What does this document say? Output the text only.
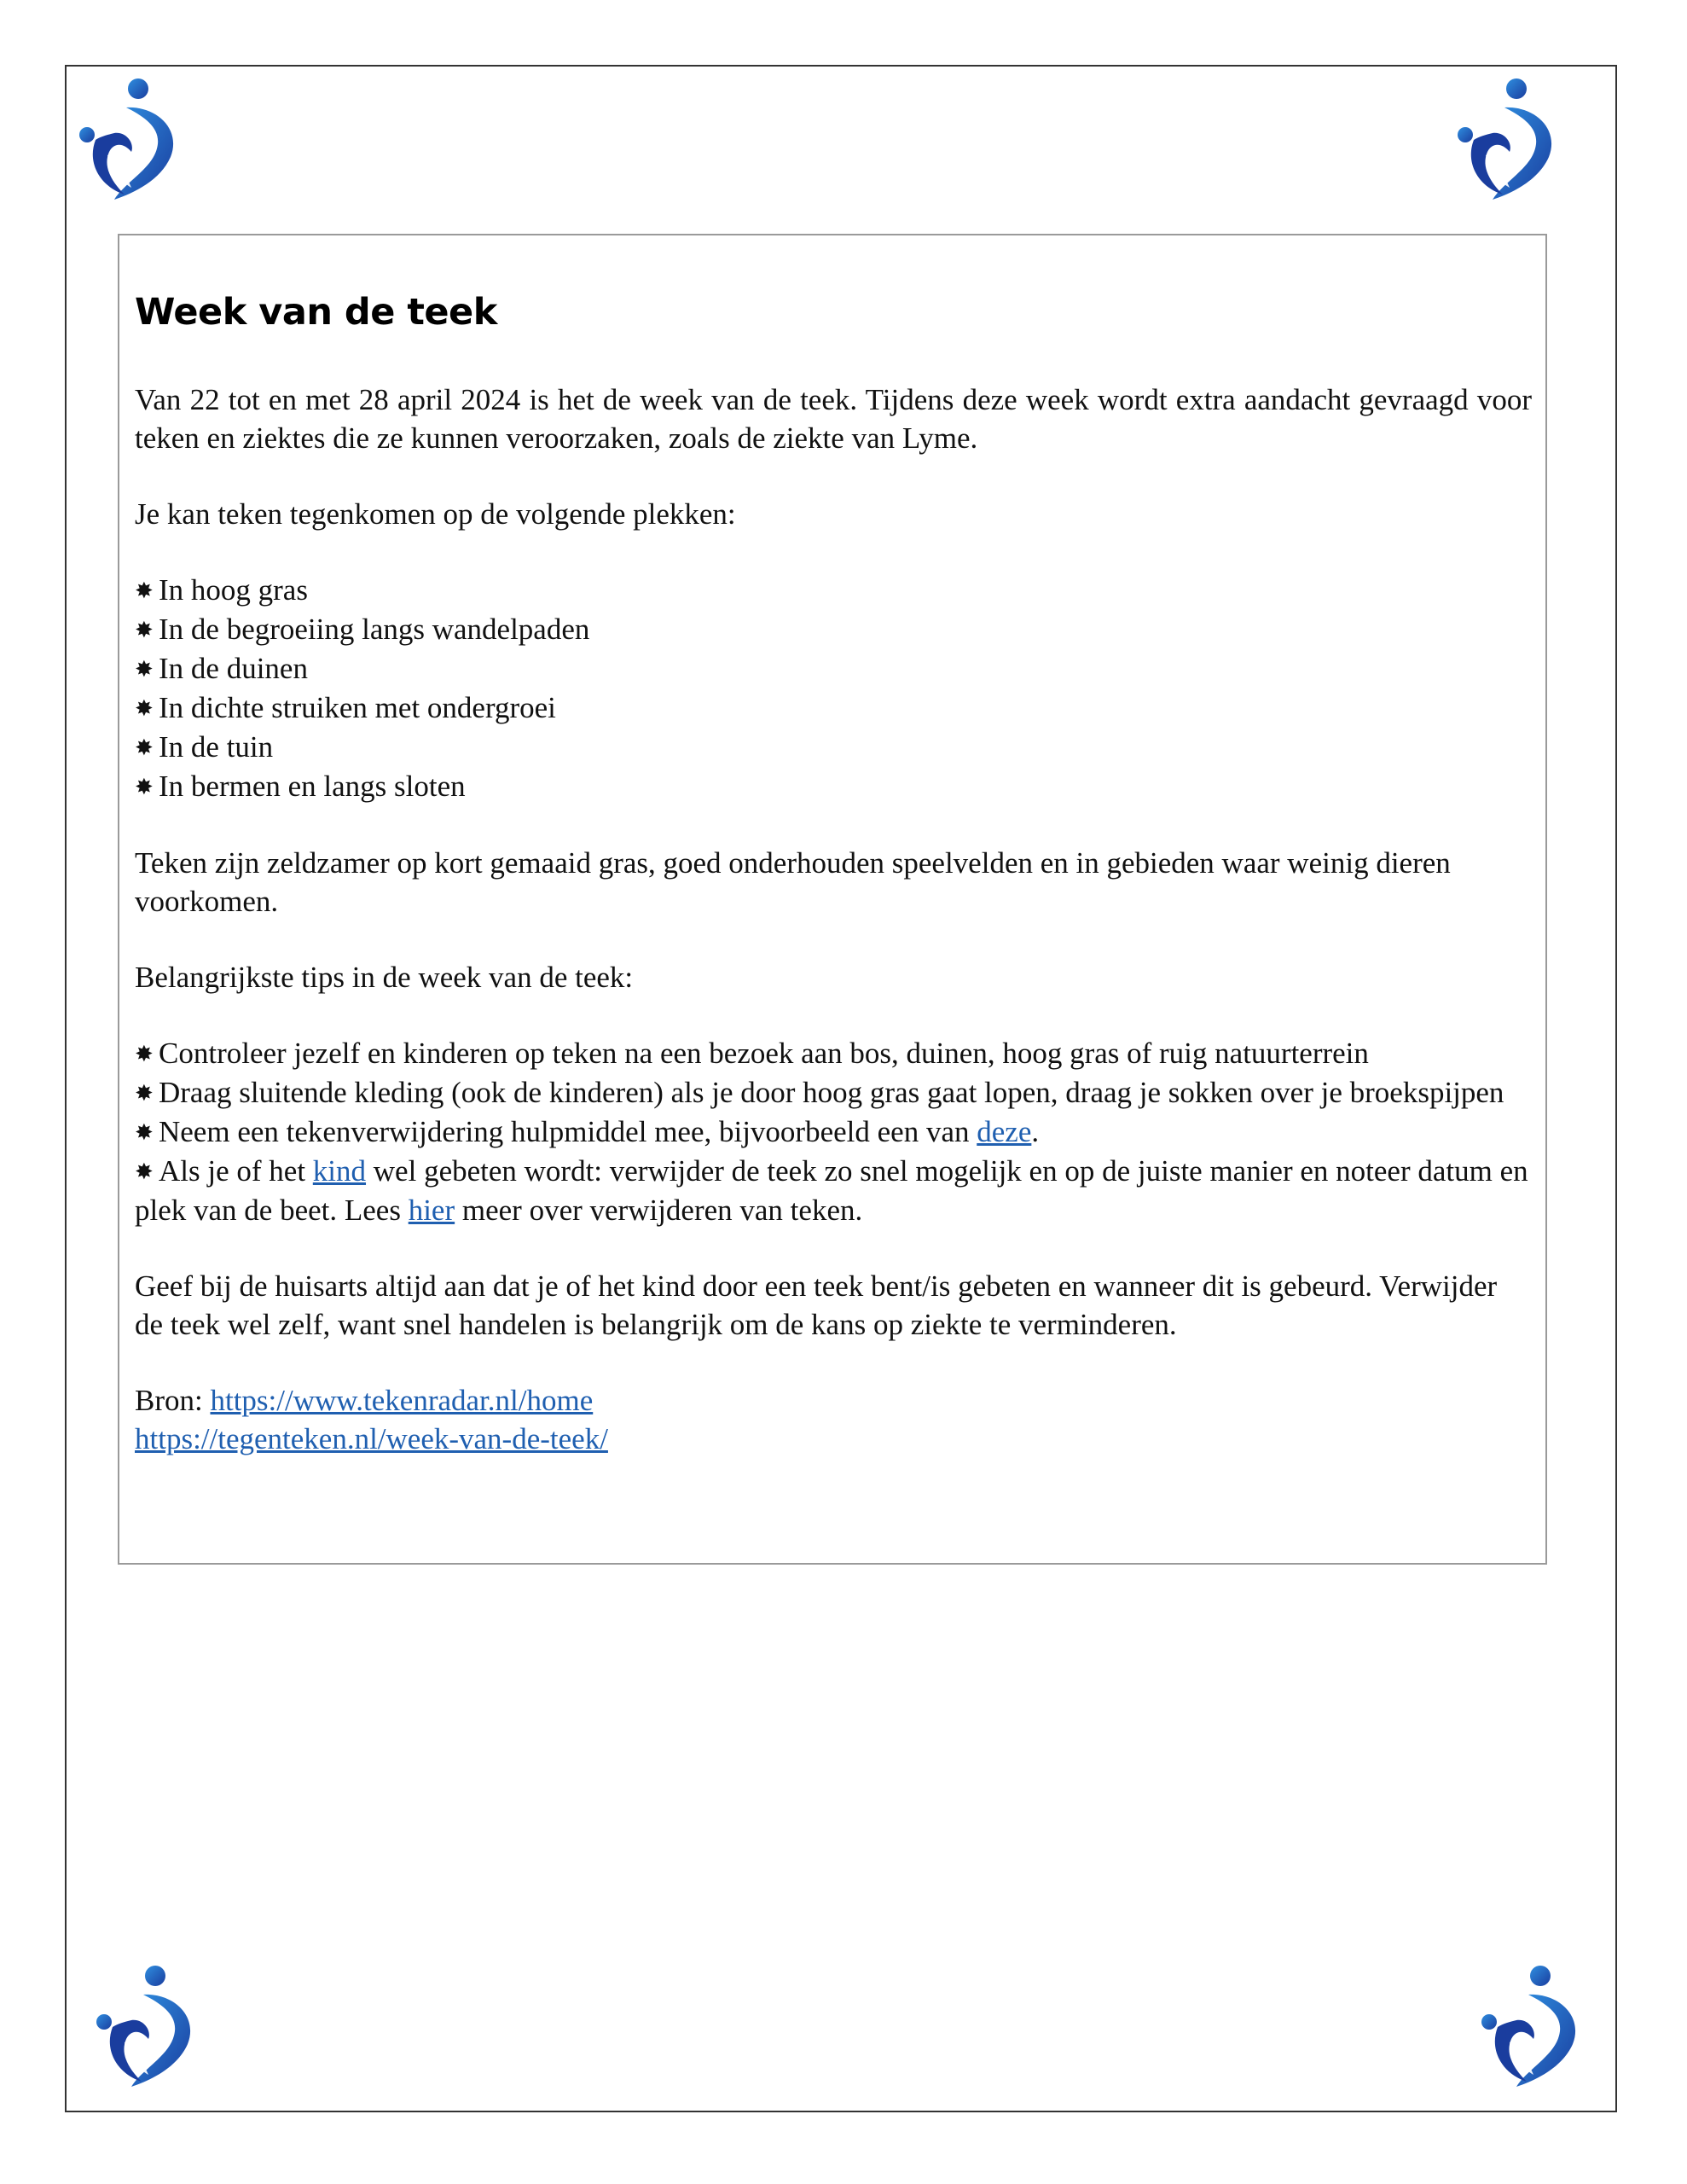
Week van de teek

Van 22 tot en met 28 april 2024 is het de week van de teek. Tijdens deze week wordt extra aandacht gevraagd voor teken en ziektes die ze kunnen veroorzaken, zoals de ziekte van Lyme.

Je kan teken tegenkomen op de volgende plekken:

✸ In hoog gras
✸ In de begroeiing langs wandelpaden
✸ In de duinen
✸ In dichte struiken met ondergroei
✸ In de tuin
✸ In bermen en langs sloten

Teken zijn zeldzamer op kort gemaaid gras, goed onderhouden speelvelden en in gebieden waar weinig dieren voorkomen.

Belangrijkste tips in de week van de teek:

✸ Controleer jezelf en kinderen op teken na een bezoek aan bos, duinen, hoog gras of ruig natuurterrein
✸ Draag sluitende kleding (ook de kinderen) als je door hoog gras gaat lopen, draag je sokken over je broekspijpen
✸ Neem een tekenverwijdering hulpmiddel mee, bijvoorbeeld een van deze.
✸ Als je of het kind wel gebeten wordt: verwijder de teek zo snel mogelijk en op de juiste manier en noteer datum en plek van de beet. Lees hier meer over verwijderen van teken.

Geef bij de huisarts altijd aan dat je of het kind door een teek bent/is gebeten en wanneer dit is gebeurd. Verwijder de teek wel zelf, want snel handelen is belangrijk om de kans op ziekte te verminderen.

Bron: https://www.tekenradar.nl/home
https://tegenteken.nl/week-van-de-teek/
